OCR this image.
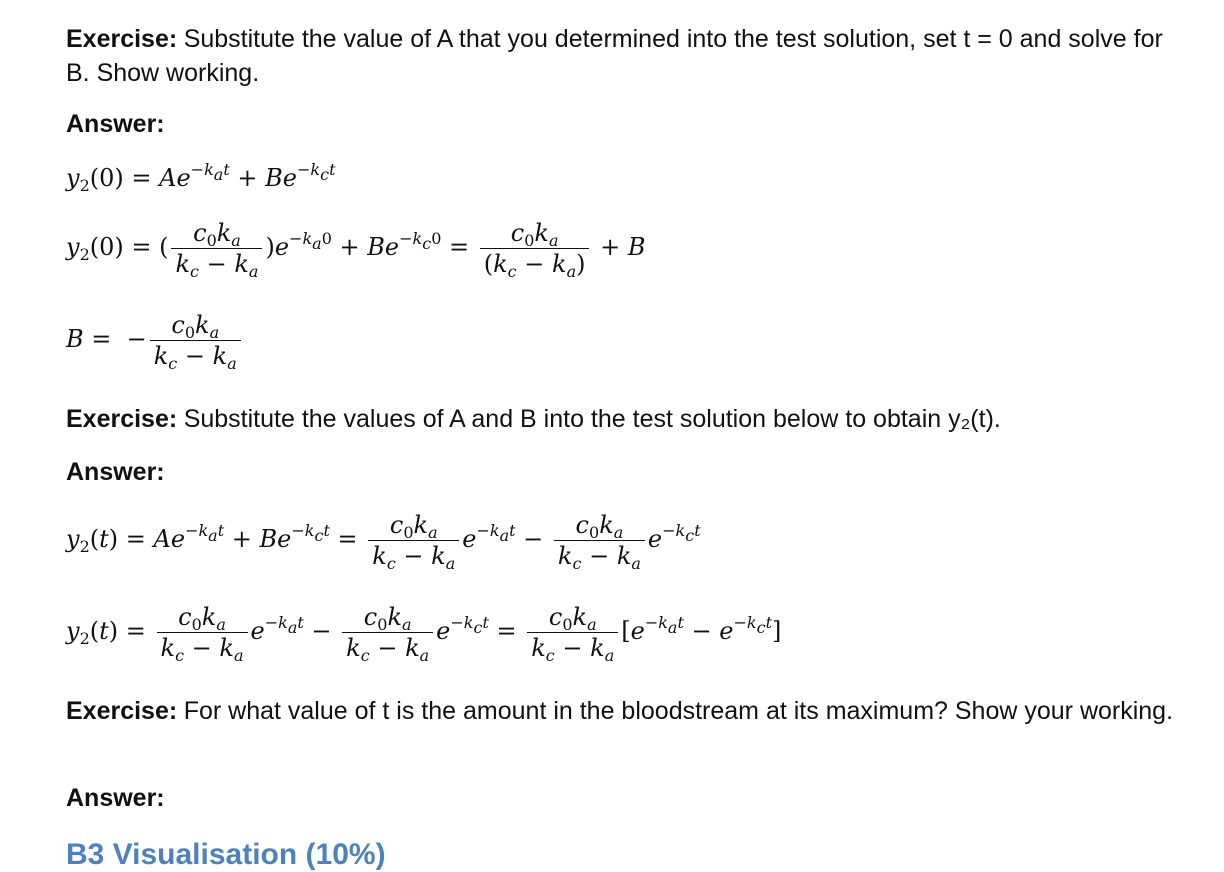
Exercise: Substitute the value of A that you determined into the test solution, set t = 0 and solve for B. Show working.
Answer:
$y_2(0) = Ae^{-k_at} + Be^{-k_ct}$
$y_2(0)$ = ( $\frac{c_0k_a}{k_c - k_a} )e^{-k_a0} + Be^{-k_c0} = \frac{c_0k_a}{(k_c - k_a)} + B$
B =  − $\frac{c_0k_a}{k_c - k_a}$
Exercise: Substitute the values of A and B into the test solution below to obtain y₂(t).
Answer:
$y_2(t) = Ae^{-k_at} + Be^{-k_ct} = \frac{c_0k_a}{k_c - k_a} e^{-k_at} - \frac{c_0k_a}{k_c - k_a} e^{-k_ct}$
$y_2(t) = \frac{c_0k_a}{k_c - k_a} e^{-k_at} - \frac{c_0k_a}{k_c - k_a} e^{-k_ct} = \frac{c_0k_a}{k_c - k_a} [e^{-k_at} - e^{-k_ct}]$
Exercise: For what value of t is the amount in the bloodstream at its maximum? Show your working.
Answer:
B3 Visualisation (10%)
